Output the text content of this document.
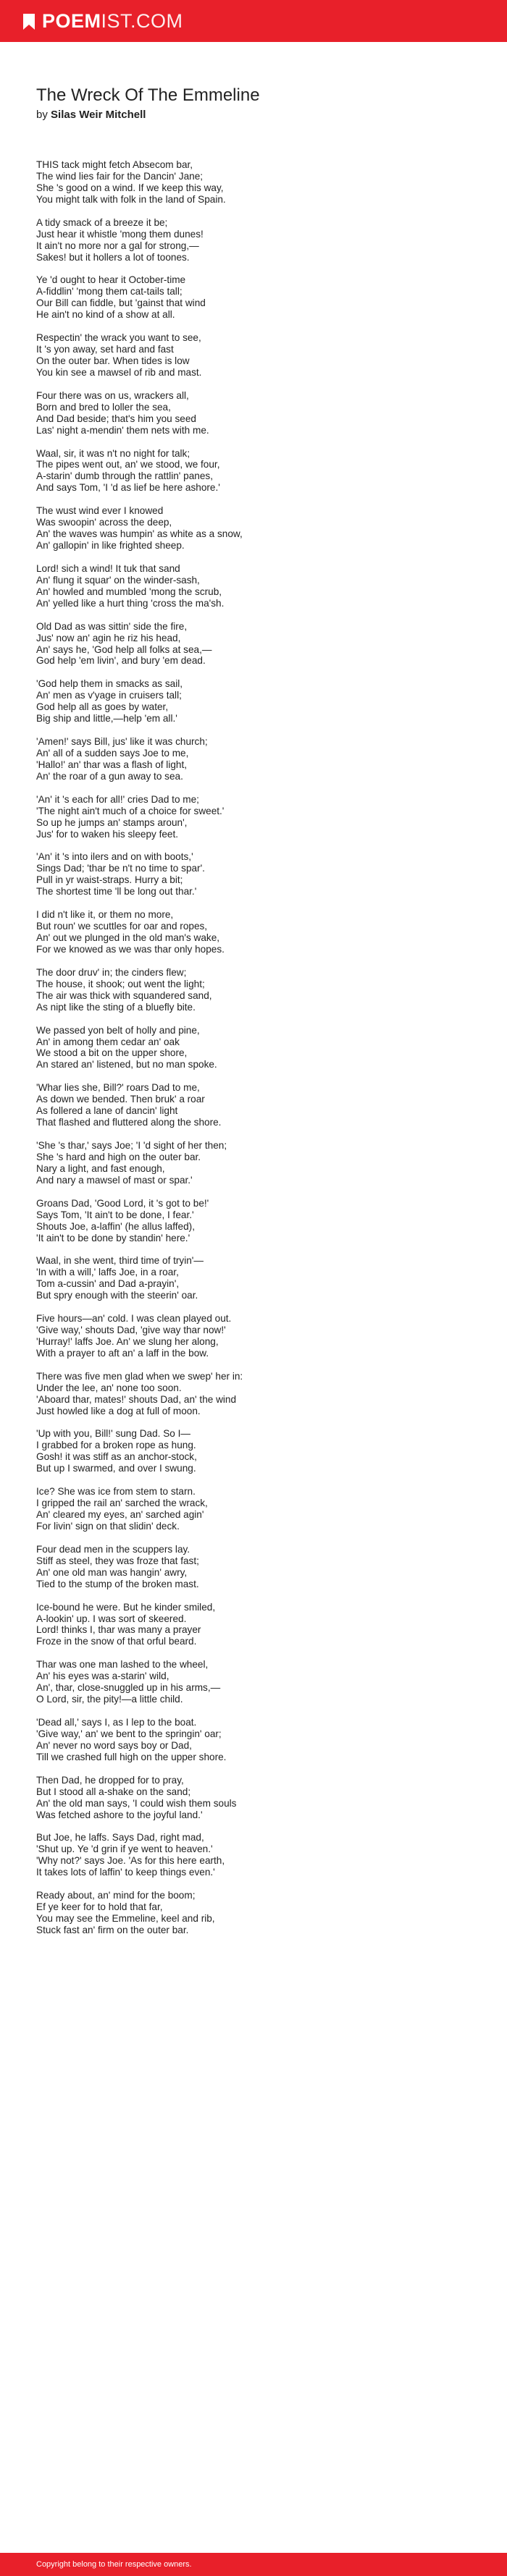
POEM IST.COM
The Wreck Of The Emmeline
by Silas Weir Mitchell
THIS tack might fetch Absecom bar,
The wind lies fair for the Dancin' Jane;
She 's good on a wind. If we keep this way,
You might talk with folk in the land of Spain.
A tidy smack of a breeze it be;
Just hear it whistle 'mong them dunes!
It ain't no more nor a gal for strong,—
Sakes! but it hollers a lot of toones.
Ye 'd ought to hear it October-time
A-fiddlin' 'mong them cat-tails tall;
Our Bill can fiddle, but 'gainst that wind
He ain't no kind of a show at all.
Respectin' the wrack you want to see,
It 's yon away, set hard and fast
On the outer bar. When tides is low
You kin see a mawsel of rib and mast.
Four there was on us, wrackers all,
Born and bred to loller the sea,
And Dad beside; that's him you seed
Las' night a-mendin' them nets with me.
Waal, sir, it was n't no night for talk;
The pipes went out, an' we stood, we four,
A-starin' dumb through the rattlin' panes,
And says Tom, 'I 'd as lief be here ashore.'
The wust wind ever I knowed
Was swoopin' across the deep,
An' the waves was humpin' as white as a snow,
An' gallopin' in like frighted sheep.
Lord! sich a wind! It tuk that sand
An' flung it squar' on the winder-sash,
An' howled and mumbled 'mong the scrub,
An' yelled like a hurt thing 'cross the ma'sh.
Old Dad as was sittin' side the fire,
Jus' now an' agin he riz his head,
An' says he, 'God help all folks at sea,—
God help 'em livin', and bury 'em dead.
'God help them in smacks as sail,
An' men as v'yage in cruisers tall;
God help all as goes by water,
Big ship and little,—help 'em all.'
'Amen!' says Bill, jus' like it was church;
An' all of a sudden says Joe to me,
'Hallo!' an' thar was a flash of light,
An' the roar of a gun away to sea.
'An' it 's each for all!' cries Dad to me;
'The night ain't much of a choice for sweet.'
So up he jumps an' stamps aroun',
Jus' for to waken his sleepy feet.
'An' it 's into ilers and on with boots,'
Sings Dad; 'thar be n't no time to spar'.
Pull in yr waist-straps. Hurry a bit;
The shortest time 'll be long out thar.'
I did n't like it, or them no more,
But roun' we scuttles for oar and ropes,
An' out we plunged in the old man's wake,
For we knowed as we was thar only hopes.
The door druv' in; the cinders flew;
The house, it shook; out went the light;
The air was thick with squandered sand,
As nipt like the sting of a bluefly bite.
We passed yon belt of holly and pine,
An' in among them cedar an' oak
We stood a bit on the upper shore,
An stared an' listened, but no man spoke.
'Whar lies she, Bill?' roars Dad to me,
As down we bended. Then bruk' a roar
As follered a lane of dancin' light
That flashed and fluttered along the shore.
'She 's thar,' says Joe; 'I 'd sight of her then;
She 's hard and high on the outer bar.
Nary a light, and fast enough,
And nary a mawsel of mast or spar.'
Groans Dad, 'Good Lord, it 's got to be!'
Says Tom, 'It ain't to be done, I fear.'
Shouts Joe, a-laffin' (he allus laffed),
'It ain't to be done by standin' here.'
Waal, in she went, third time of tryin'—
'In with a will,' laffs Joe, in a roar,
Tom a-cussin' and Dad a-prayin',
But spry enough with the steerin' oar.
Five hours—an' cold. I was clean played out.
'Give way,' shouts Dad, 'give way thar now!'
'Hurray!' laffs Joe. An' we slung her along,
With a prayer to aft an' a laff in the bow.
There was five men glad when we swep' her in:
Under the lee, an' none too soon.
'Aboard thar, mates!' shouts Dad, an' the wind
Just howled like a dog at full of moon.
'Up with you, Bill!' sung Dad. So I—
I grabbed for a broken rope as hung.
Gosh! it was stiff as an anchor-stock,
But up I swarmed, and over I swung.
Ice? She was ice from stem to starn.
I gripped the rail an' sarched the wrack,
An' cleared my eyes, an' sarched agin'
For livin' sign on that slidin' deck.
Four dead men in the scuppers lay.
Stiff as steel, they was froze that fast;
An' one old man was hangin' awry,
Tied to the stump of the broken mast.
Ice-bound he were. But he kinder smiled,
A-lookin' up. I was sort of skeered.
Lord! thinks I, thar was many a prayer
Froze in the snow of that orful beard.
Thar was one man lashed to the wheel,
An' his eyes was a-starin' wild,
An', thar, close-snuggled up in his arms,—
O Lord, sir, the pity!—a little child.
'Dead all,' says I, as I lep to the boat.
'Give way,' an' we bent to the springin' oar;
An' never no word says boy or Dad,
Till we crashed full high on the upper shore.
Then Dad, he dropped for to pray,
But I stood all a-shake on the sand;
An' the old man says, 'I could wish them souls
Was fetched ashore to the joyful land.'
But Joe, he laffs. Says Dad, right mad,
'Shut up. Ye 'd grin if ye went to heaven.'
'Why not?' says Joe. 'As for this here earth,
It takes lots of laffin' to keep things even.'
Ready about, an' mind for the boom;
Ef ye keer for to hold that far,
You may see the Emmeline, keel and rib,
Stuck fast an' firm on the outer bar.
Copyright belong to their respective owners.
